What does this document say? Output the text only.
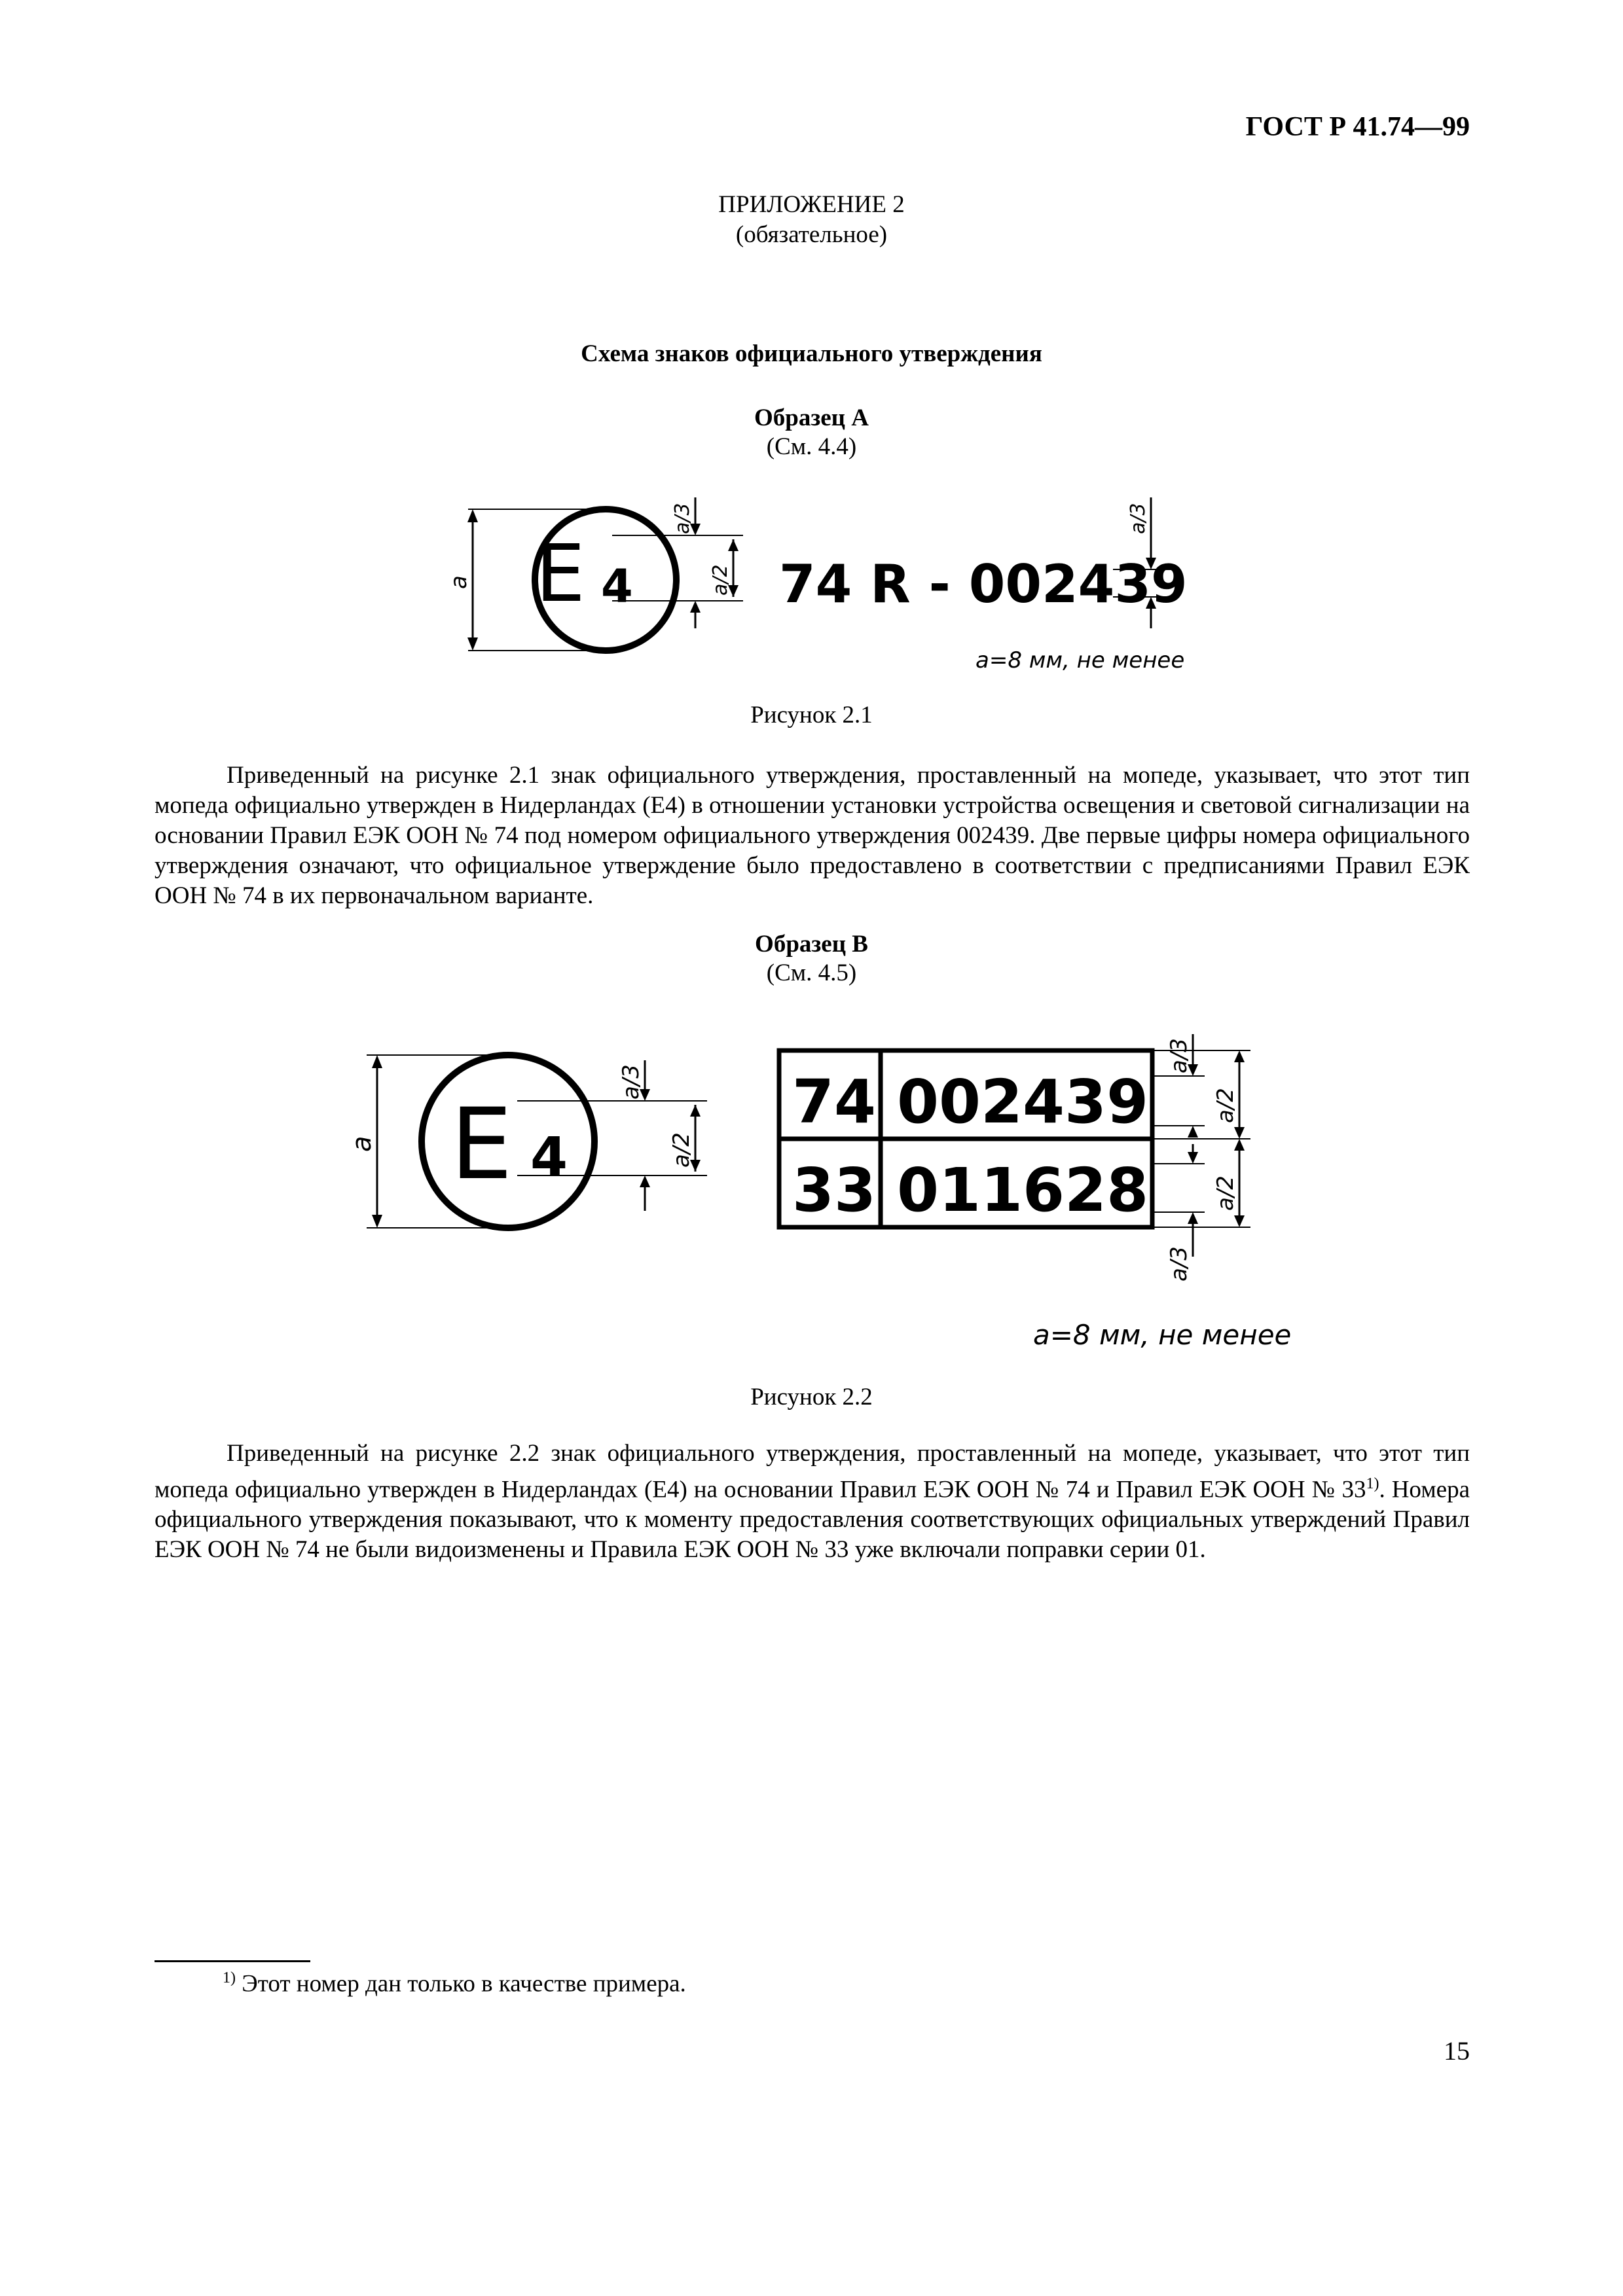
ГОСТ Р 41.74—99
ПРИЛОЖЕНИЕ 2
(обязательное)
Схема знаков официального утверждения
Образец A
(См. 4.4)
E 4	74 R - 002439
a
a/3
a/2
a/3
a=8 мм, не менее
Рисунок 2.1

Приведенный на рисунке 2.1 знак официального утверждения, проставленный на мопеде, указывает, что этот тип мопеда официально утвержден в Нидерландах (E4) в отношении установки устройства освещения и световой сигнализации на основании Правил ЕЭК ООН № 74 под номером официального утверждения 002439. Две первые цифры номера официального утверждения означают, что официальное утверждение было предоставлено в соответствии с предписаниями Правил ЕЭК ООН № 74 в их первоначальном варианте.

Образец B
(См. 4.5)
E 4
74 002439
33 011628
a
a/3
a/2
a/3
a/2
a/2
a/3
a=8 мм, не менее
Рисунок 2.2

Приведенный на рисунке 2.2 знак официального утверждения, проставленный на мопеде, указывает, что этот тип мопеда официально утвержден в Нидерландах (E4) на основании Правил ЕЭК ООН № 74 и Правил ЕЭК ООН № 33$^{1)}$. Номера официального утверждения показывают, что к моменту предоставления соответствующих официальных утверждений Правил ЕЭК ООН № 74 не были видоизменены и Правила ЕЭК ООН № 33 уже включали поправки серии 01.

$^{1)}$ Этот номер дан только в качестве примера.
15
